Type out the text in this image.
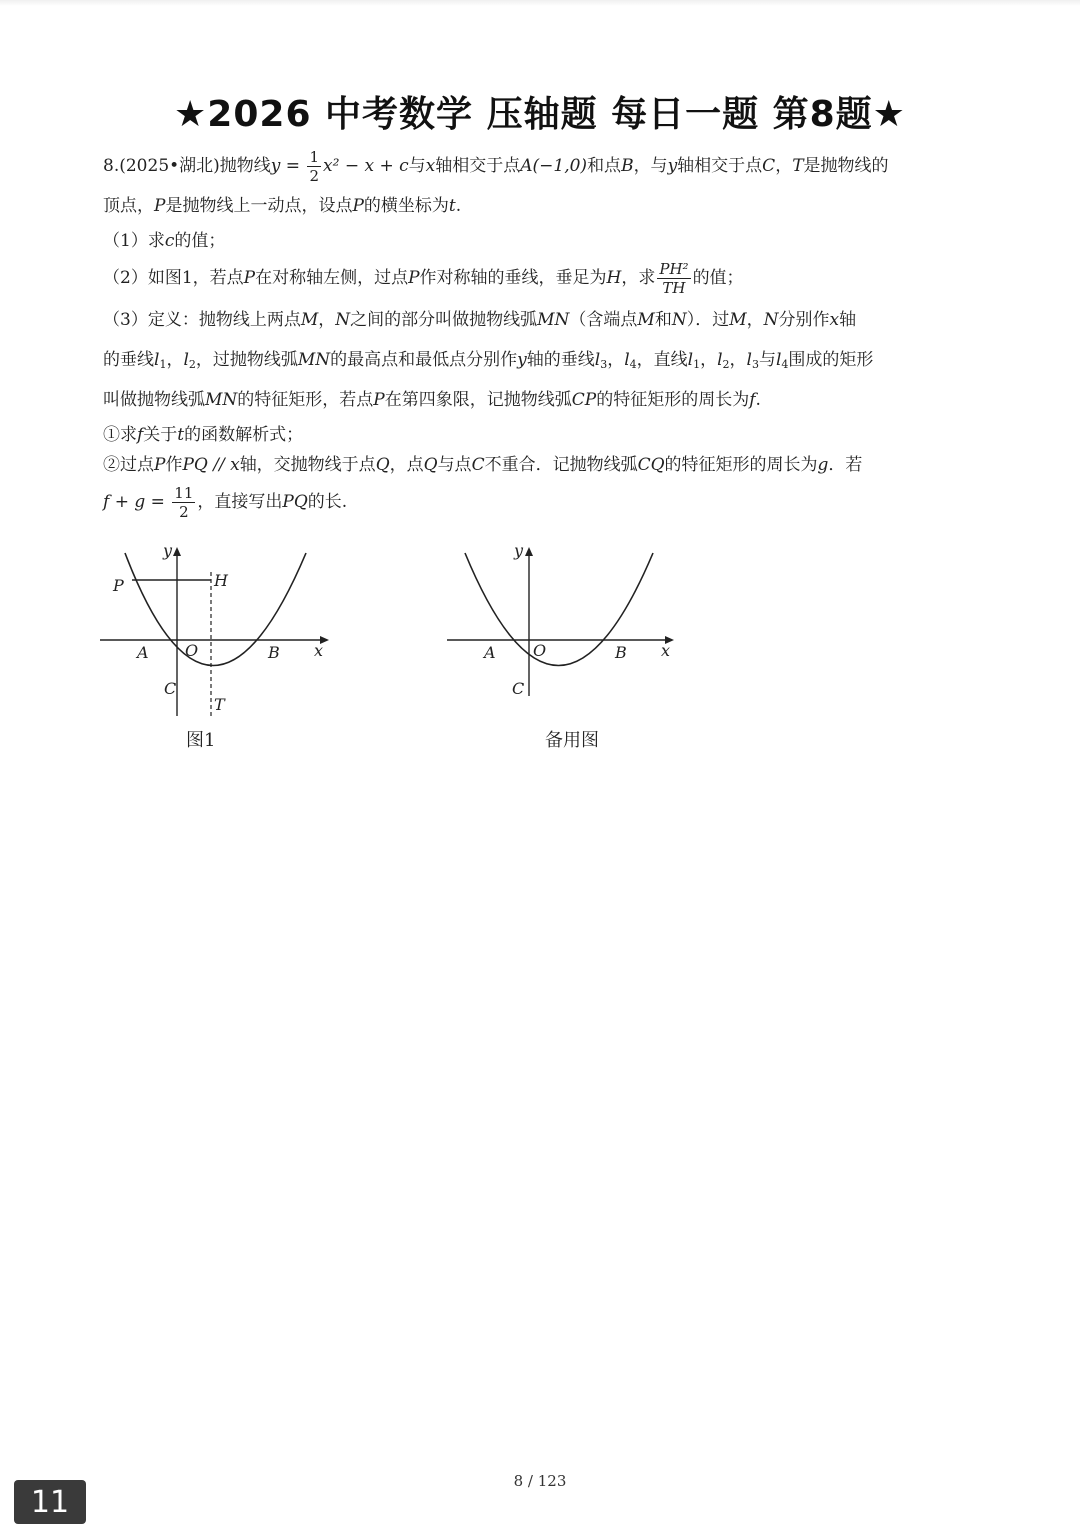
★2026 中考数学 压轴题 每日一题 第8题★
8.(2025•湖北)抛物线$y = \frac{1}{2} x^2 - x + c$与x轴相交于点A(−1,0)和点B，与y轴相交于点C，T是抛物线的
顶点，P是抛物线上一动点，设点P的横坐标为t.
（1）求c的值；
（2）如图1，若点P在对称轴左侧，过点P作对称轴的垂线，垂足为H，求 $\frac{\text{PH²}}{TH}$ 的值；
（3）定义：抛物线上两点M，N之间的部分叫做抛物线弧MN（含端点M和N）．过M，N分别作x轴
的垂线$l_1$，$l_2$，过抛物线弧MN的最高点和最低点分别作y轴的垂线$l_3$，$l_4$，直线$l_1$，$l_2$，$l_3$与$l_4$围成的矩形
叫做抛物线弧MN的特征矩形，若点P在第四象限，记抛物线弧CP的特征矩形的周长为f.
①求f关于t的函数解析式；
②过点P作PQ // x轴，交抛物线于点Q，点Q与点C不重合．记抛物线弧CQ的特征矩形的周长为g．若
$f + g = \frac{11}{2}$ ，直接写出PQ的长.
P	H
y
x
O
A	B
C
T
图1
y
x
O
A	B
C
备用图
8 / 123
11
